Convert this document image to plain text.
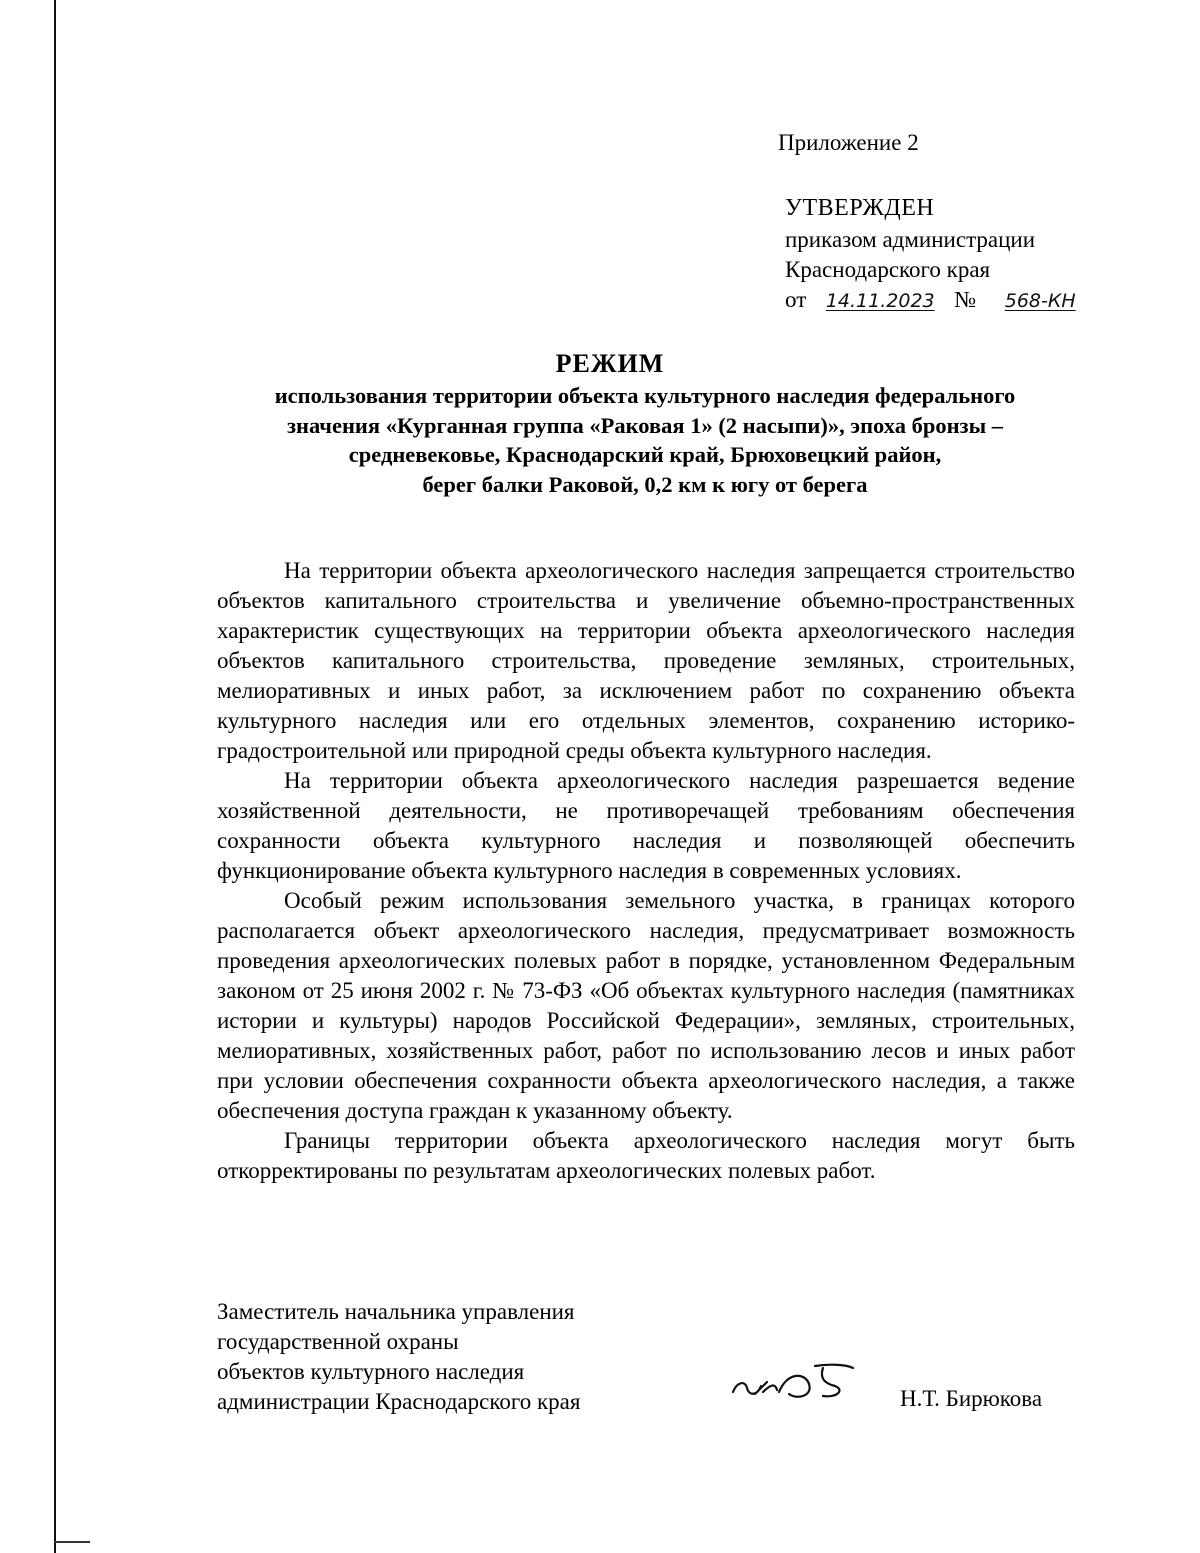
Приложение 2
УТВЕРЖДЕН
приказом администрации
Краснодарского края
от	14.11.2023 №	568-КН
РЕЖИМ
использования территории объекта культурного наследия федерального
значения «Курганная группа «Раковая 1» (2 насыпи)», эпоха бронзы –
средневековье, Краснодарский край, Брюховецкий район,
берег балки Раковой, 0,2 км к югу от берега

На территории объекта археологического наследия запрещается строительство объектов капитального строительства и увеличение объемно-пространственных характеристик существующих на территории объекта археологического наследия объектов капитального строительства, проведение земляных, строительных, мелиоративных и иных работ, за исключением работ по сохранению объекта культурного наследия или его отдельных элементов, сохранению историко-градостроительной или природной среды объекта культурного наследия.

На территории объекта археологического наследия разрешается ведение хозяйственной деятельности, не противоречащей требованиям обеспечения сохранности объекта культурного наследия и позволяющей обеспечить функционирование объекта культурного наследия в современных условиях.

Особый режим использования земельного участка, в границах которого располагается объект археологического наследия, предусматривает возможность проведения археологических полевых работ в порядке, установленном Федеральным законом от 25 июня 2002 г. № 73-ФЗ «Об объектах культурного наследия (памятниках истории и культуры) народов Российской Федерации», земляных, строительных, мелиоративных, хозяйственных работ, работ по использованию лесов и иных работ при условии обеспечения сохранности объекта археологического наследия, а также обеспечения доступа граждан к указанному объекту.

Границы территории объекта археологического наследия могут быть откорректированы по результатам археологических полевых работ.

Заместитель начальника управления
государственной охраны
объектов культурного наследия
администрации Краснодарского края	Н.Т. Бирюкова
